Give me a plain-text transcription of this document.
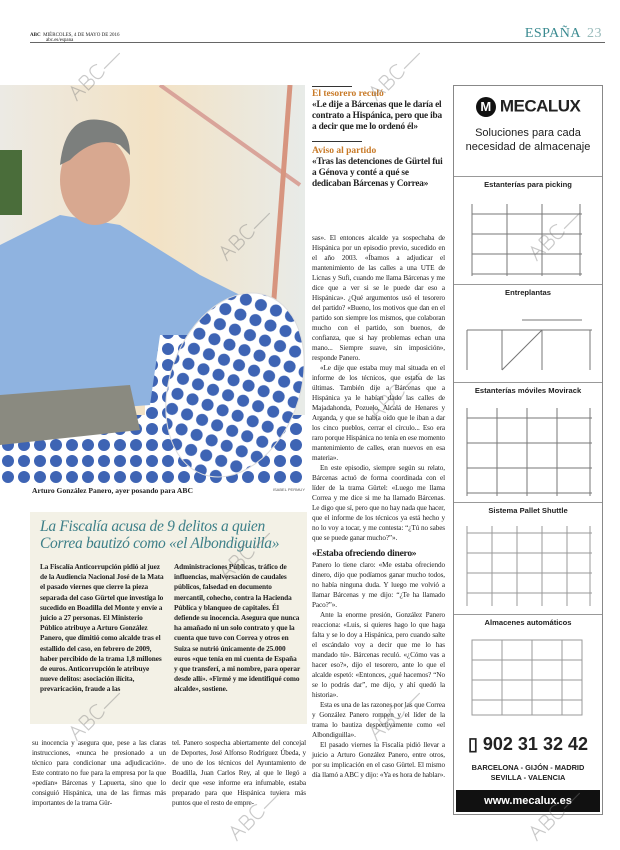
ABC MIÉRCOLES, 4 DE MAYO DE 2016
abc.es/espana	ESPAÑA 23
Arturo González Panero, ayer posando para ABC	ISABEL PERMUY
La Fiscalía acusa de 9 delitos a quien Correa bautizó como «el Albondiguilla»
La Fiscalía Anticorrupción pidió al juez de la Audiencia Nacional José de la Mata el pasado viernes que cierre la pieza separada del caso Gürtel que investiga lo sucedido en Boadilla del Monte y envíe a juicio a 27 personas. El Ministerio Público atribuye a Arturo González Panero, que dimitió como alcalde tras el estallido del caso, en febrero de 2009, haber percibido de la trama 1,8 millones de euros. Anticorrupción le atribuye nueve delitos: asociación ilícita, prevaricación, fraude a las
Administraciones Públicas, tráfico de influencias, malversación de caudales públicos, falsedad en documento mercantil, cohecho, contra la Hacienda Pública y blanqueo de capitales. Él defiende su inocencia. Asegura que nunca ha amañado ni un solo contrato y que la cuenta que tuvo con Correa y otros en Suiza se nutrió únicamente de 25.000 euros «que tenía en mi cuenta de España y que transferí, a mi nombre, para operar desde allí». «Firmé y me identifiqué como alcalde», sostiene.

su inocencia y asegura que, pese a las claras instrucciones, «nunca he presionado a un técnico para condicionar una adjudicación». Este contrato no fue para la empresa por la que «pedían» Bárcenas y Lapuerta, sino que lo consiguió Hispánica, una de las firmas más importantes de la trama Gür-

tel. Panero sospecha abiertamente del concejal de Deportes, José Alfonso Rodríguez Úbeda, y de uno de los técnicos del Ayuntamiento de Boadilla, Juan Carlos Rey, al que le llegó a decir que «ese informe era infumable, estaba preparado para que Hispánica tuviera más puntos que el resto de empre-

El tesorero reculó
«Le dije a Bárcenas que le daría el contrato a Hispánica, pero que iba a decir que me lo ordenó él»
Aviso al partido
«Tras las detenciones de Gürtel fui a Génova y conté a qué se dedicaban Bárcenas y Correa»

sas». El entonces alcalde ya sospechaba de Hispánica por un episodio previo, sucedido en el año 2003. «Íbamos a adjudicar el mantenimiento de las calles a una UTE de Licnas y Sufi, cuando me llama Bárcenas y me dice que a ver si se le puede dar eso a Hispánica». ¿Qué argumentos usó el tesorero del partido? «Bueno, los motivos que dan en el partido son siempre los mismos, que colaboran mucho con el partido, son buenos, de confianza, que si hay problemas echan una mano... Siempre suave, sin imposición», responde Panero.

«Le dije que estaba muy mal situada en el informe de los técnicos, que estaba de las últimas. También dije a Bárcenas que a Hispánica ya le habían dado las calles de Majadahonda, Pozuelo, Alcalá de Henares y Arganda, y que se había oído que le iban a dar los cinco pueblos, cerrar el círculo... Eso era raro porque Hispánica no tenía en ese momento mantenimiento de calles, eran nuevos en esa materia».

En este episodio, siempre según su relato, Bárcenas actuó de forma coordinada con el líder de la trama Gürtel: «Luego me llama Correa y me dice si me ha llamado Bárcenas. Le digo que sí, pero que no hay nada que hacer, que el informe de los técnicos ya está hecho y no lo voy a tocar, y me contesta: “¿Tú no sabes que se puede ganar mucho?”».

«Estaba ofreciendo dinero»

Panero lo tiene claro: «Me estaba ofreciendo dinero, dijo que podíamos ganar mucho todos, no había ninguna duda. Y luego me volvió a llamar Bárcenas y me dijo: “¿Te ha llamado Paco?”».

Ante la enorme presión, González Panero reacciona: «Luis, si quieres hago lo que haga falta y se lo doy a Hispánica, pero cuando salte el escándalo voy a decir que me lo has mandado tú». Bárcenas reculó. «¿Cómo vas a hacer eso?», dijo el tesorero, ante lo que el alcalde espetó: «Entonces, ¿qué hacemos? “No se lo podrás dar”, me dijo, y ahí quedó la historia».

Esta es una de las razones por las que Correa y González Panero rompen y el líder de la trama lo bautiza despectivamente como «el Albondiguilla».

El pasado viernes la Fiscalía pidió llevar a juicio a Arturo González Panero, entre otros, por su implicación en el caso Gürtel. El mismo día llamó a ABC y dijo: «Ya es hora de hablar».

M MECALUX
Soluciones para cada necesidad de almacenaje
Estanterías para picking
Entreplantas
Estanterías móviles Movirack
Sistema Pallet Shuttle
Almacenes automáticos
▯ 902 31 32 42
BARCELONA - GIJÓN - MADRID
SEVILLA - VALENCIA
www.mecalux.es
